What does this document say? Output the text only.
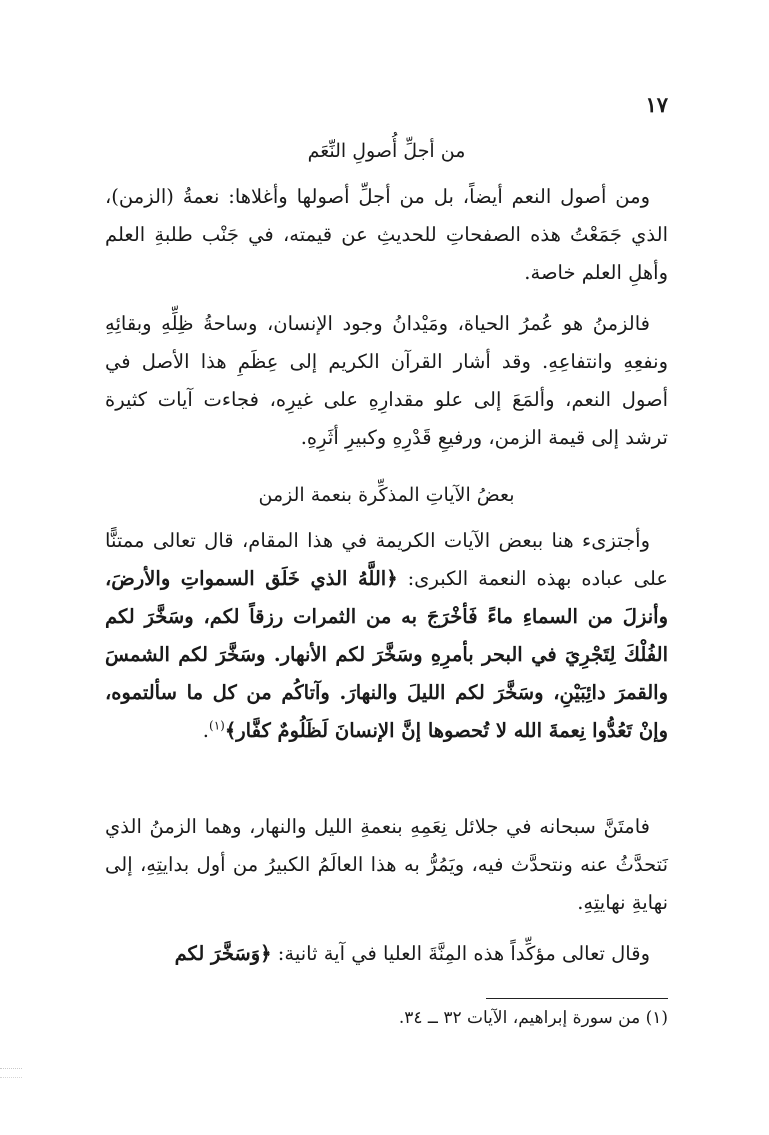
١٧
من أجلِّ أُصولِ النِّعَم

ومن أصول النعم أيضاً، بل من أجلِّ أصولها وأغلاها: نعمةُ (الزمن)، الذي جَمَعْتُ هذه الصفحاتِ للحديثِ عن قيمته، في جَنْب طلبةِ العلم وأهلِ العلم خاصة.

فالزمنُ هو عُمرُ الحياة، ومَيْدانُ وجود الإنسان، وساحةُ ظِلِّهِ وبقائِهِ ونفعِهِ وانتفاعِهِ. وقد أشار القرآن الكريم إلى عِظَمِ هذا الأصل في أصول النعم، وألمَعَ إلى علو مقدارِهِ على غيرِه، فجاءت آيات كثيرة ترشد إلى قيمة الزمن، ورفيعِ قَدْرِهِ وكبيرِ أثَرِهِ.

بعضُ الآياتِ المذكِّرة بنعمة الزمن

وأجتزىء هنا ببعض الآيات الكريمة في هذا المقام، قال تعالى ممتنًّا على عباده بهذه النعمة الكبرى: ﴿اللَّهُ الذي خَلَق السمواتِ والأرضَ، وأنزلَ من السماءِ ماءً فَأخْرَجَ به من الثمرات رزقاً لكم، وسَخَّرَ لكم الفُلْكَ لِتَجْرِيَ في البحر بأمرِهِ وسَخَّرَ لكم الأنهار. وسَخَّرَ لكم الشمسَ والقمرَ دائِبَيْنِ، وسَخَّرَ لكم الليلَ والنهارَ. وآتاكُم من كل ما سألتموه، وإنْ تَعُدُّوا نِعمةَ الله لا تُحصوها إنَّ الإنسانَ لَظَلُومٌ كفَّار﴾$^{(١)}$.

فامتَنَّ سبحانه في جلائل نِعَمِهِ بنعمةِ الليل والنهار، وهما الزمنُ الذي نَتحدَّثُ عنه ونتحدَّث فيه، ويَمُرُّ به هذا العالَمُ الكبيرُ من أول بدايتِهِ، إلى نهايةِ نهايتِهِ.

وقال تعالى مؤكِّداً هذه المِنَّةَ العليا في آية ثانية: ﴿وَسَخَّرَ لكم

(١) من سورة إبراهيم، الآيات ٣٢ ــ ٣٤.
